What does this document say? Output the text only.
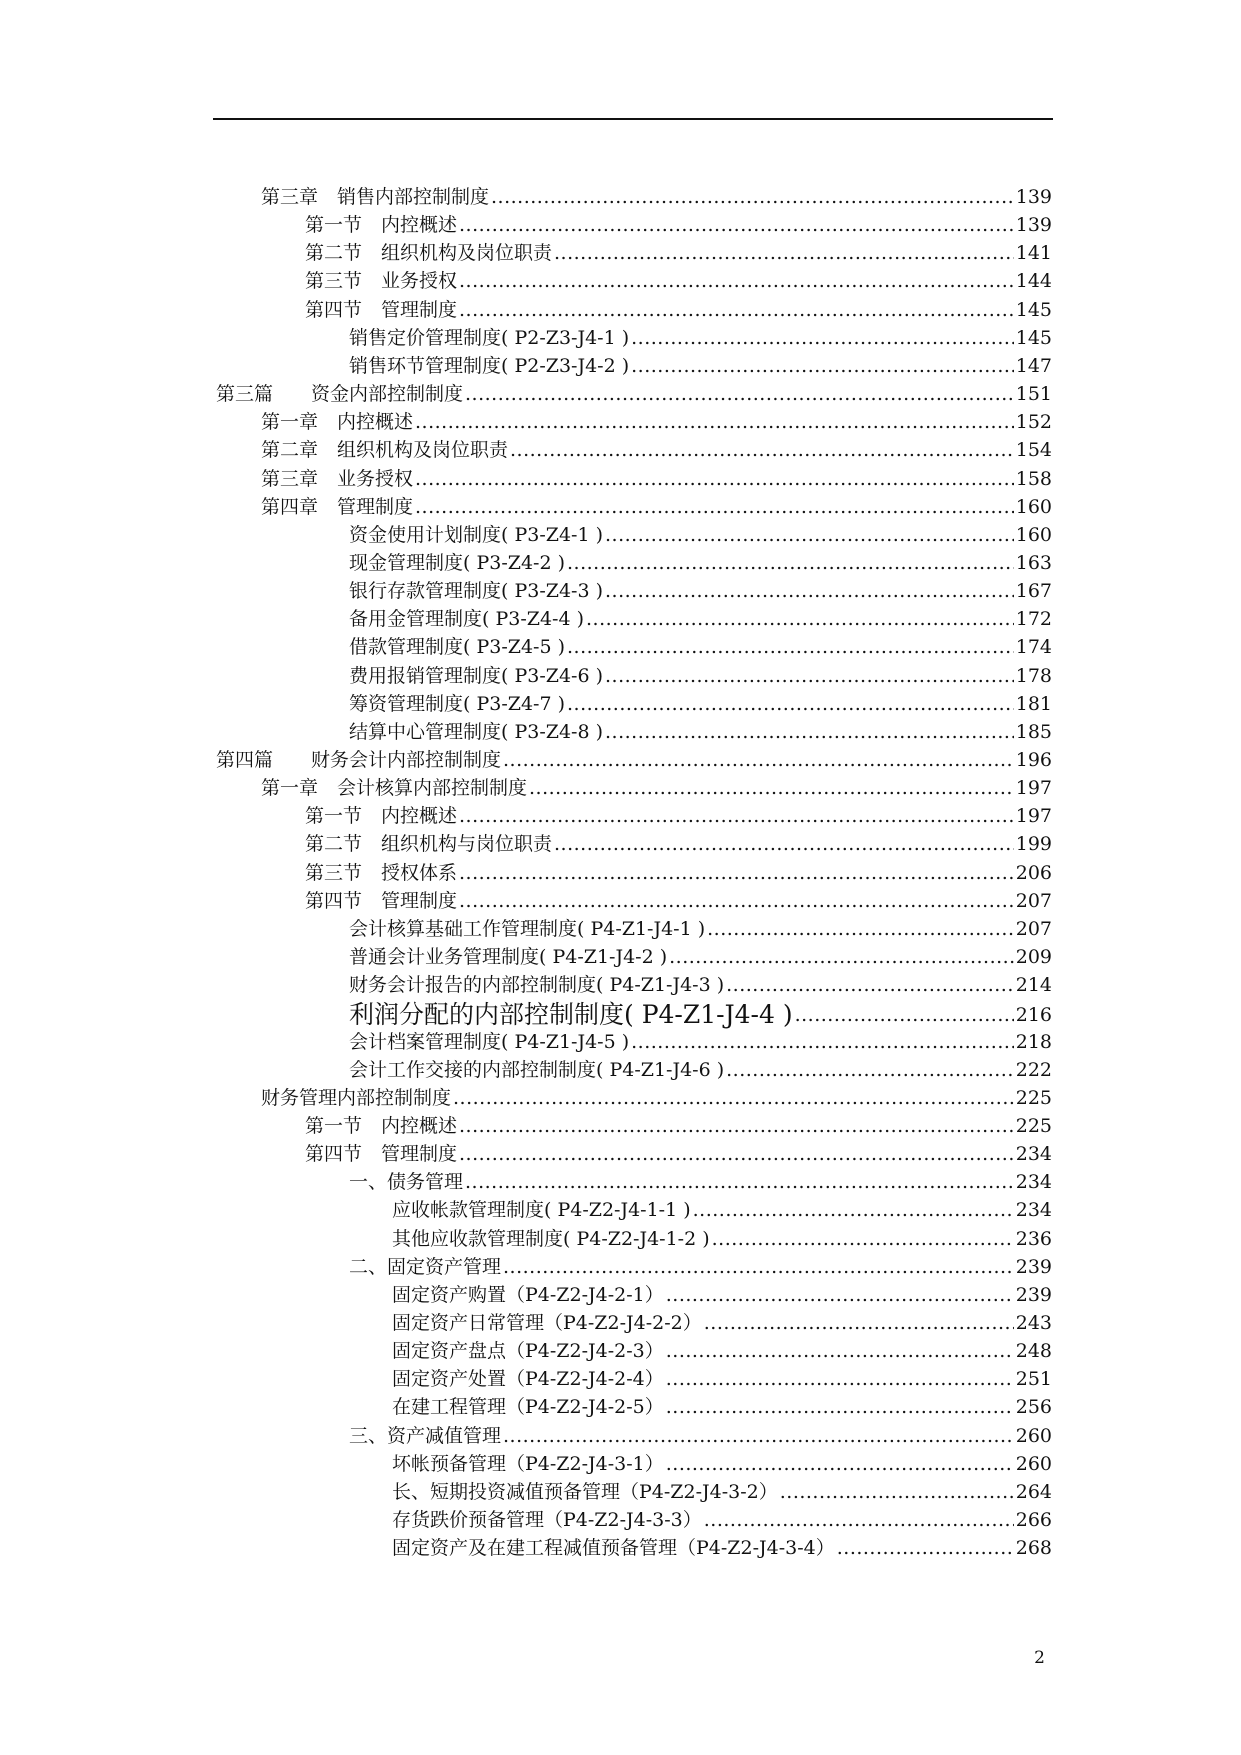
第三章　销售内部控制制度 .....	139
第一节　内控概述 .....	139
第二节　组织机构及岗位职责 .....	141
第三节　业务授权 .....	144
第四节　管理制度 .....	145
销售定价管理制度( P2-Z3-J4-1 ) .....	145
销售环节管理制度( P2-Z3-J4-2 ) .....	147
第三篇　　资金内部控制制度 .....	151
第一章　内控概述 .....	152
第二章　组织机构及岗位职责 .....	154
第三章　业务授权 .....	158
第四章　管理制度 .....	160
资金使用计划制度( P3-Z4-1 ) .....	160
现金管理制度( P3-Z4-2 ) .....	163
银行存款管理制度( P3-Z4-3 ) .....	167
备用金管理制度( P3-Z4-4 ) .....	172
借款管理制度( P3-Z4-5 ) .....	174
费用报销管理制度( P3-Z4-6 ) .....	178
筹资管理制度( P3-Z4-7 ) .....	181
结算中心管理制度( P3-Z4-8 ) .....	185
第四篇　　财务会计内部控制制度 .....	196
第一章　会计核算内部控制制度 .....	197
第一节　内控概述 .....	197
第二节　组织机构与岗位职责 .....	199
第三节　授权体系 .....	206
第四节　管理制度 .....	207
会计核算基础工作管理制度( P4-Z1-J4-1 ) .....	207
普通会计业务管理制度( P4-Z1-J4-2 ) .....	209
财务会计报告的内部控制制度( P4-Z1-J4-3 ) .....	214
利润分配的内部控制制度( P4-Z1-J4-4 ) .....	216
会计档案管理制度( P4-Z1-J4-5 ) .....	218
会计工作交接的内部控制制度( P4-Z1-J4-6 ) .....	222
财务管理内部控制制度 .....	225
第一节　内控概述 .....	225
第四节　管理制度 .....	234
一、债务管理 .....	234
应收帐款管理制度( P4-Z2-J4-1-1 ) .....	234
其他应收款管理制度( P4-Z2-J4-1-2 ) .....	236
二、固定资产管理 .....	239
固定资产购置（P4-Z2-J4-2-1） .....	239
固定资产日常管理（P4-Z2-J4-2-2） .....	243
固定资产盘点（P4-Z2-J4-2-3） .....	248
固定资产处置（P4-Z2-J4-2-4） .....	251
在建工程管理（P4-Z2-J4-2-5） .....	256
三、资产减值管理 .....	260
坏帐预备管理（P4-Z2-J4-3-1） .....	260
长、短期投资减值预备管理（P4-Z2-J4-3-2） .....	264
存货跌价预备管理（P4-Z2-J4-3-3） .....	266
固定资产及在建工程减值预备管理（P4-Z2-J4-3-4） .....	268
2
